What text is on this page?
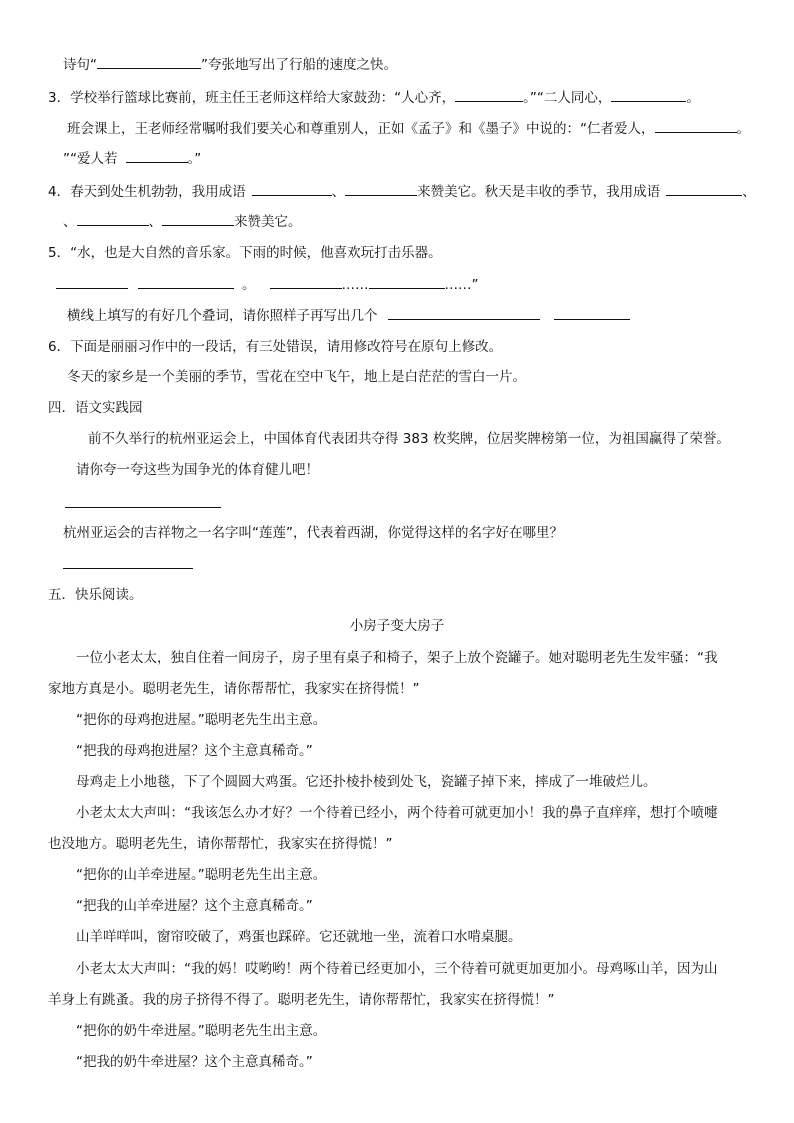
诗句“	”夸张地写出了行船的速度之快。
3．学校举行篮球比赛前，班主任王老师这样给大家鼓劲：“人心齐，	。”“二人同心，	。
班会课上，王老师经常嘱咐我们要关心和尊重别人，正如《孟子》和《墨子》中说的：“仁者爱人，	。
”“爱人若	。”
4．春天到处生机勃勃，我用成语	、	来赞美它。秋天是丰收的季节，我用成语	、
、	、	来赞美它。
5．“水，也是大自然的音乐家。下雨的时候，他喜欢玩打击乐器。
。	……	……”
横线上填写的有好几个叠词，请你照样子再写出几个
6．下面是丽丽习作中的一段话，有三处错误，请用修改符号在原句上修改。
冬天的家乡是一个美丽的季节，雪花在空中飞午，地上是白茫茫的雪白一片。
四．语文实践园
前不久举行的杭州亚运会上，中国体育代表团共夺得 383 枚奖牌，位居奖牌榜第一位，为祖国赢得了荣誉。
请你夸一夸这些为国争光的体育健儿吧！
杭州亚运会的吉祥物之一名字叫“莲莲”，代表着西湖，你觉得这样的名字好在哪里？
五．快乐阅读。
小房子变大房子
一位小老太太，独自住着一间房子，房子里有桌子和椅子，架子上放个瓷罐子。她对聪明老先生发牢骚：“我
家地方真是小。聪明老先生，请你帮帮忙，我家实在挤得慌！”
“把你的母鸡抱进屋。”聪明老先生出主意。
“把我的母鸡抱进屋？这个主意真稀奇。”
母鸡走上小地毯，下了个圆圆大鸡蛋。它还扑棱扑棱到处飞，瓷罐子掉下来，摔成了一堆破烂儿。
小老太太大声叫：“我该怎么办才好？一个待着已经小，两个待着可就更加小！我的鼻子直痒痒，想打个喷嚏
也没地方。聪明老先生，请你帮帮忙，我家实在挤得慌！”
“把你的山羊牵进屋。”聪明老先生出主意。
“把我的山羊牵进屋？这个主意真稀奇。”
山羊咩咩叫，窗帘咬破了，鸡蛋也踩碎。它还就地一坐，流着口水啃桌腿。
小老太太大声叫：“我的妈！哎哟哟！两个待着已经更加小，三个待着可就更加更加小。母鸡啄山羊，因为山
羊身上有跳蚤。我的房子挤得不得了。聪明老先生，请你帮帮忙，我家实在挤得慌！”
“把你的奶牛牵进屋。”聪明老先生出主意。
“把我的奶牛牵进屋？这个主意真稀奇。”
